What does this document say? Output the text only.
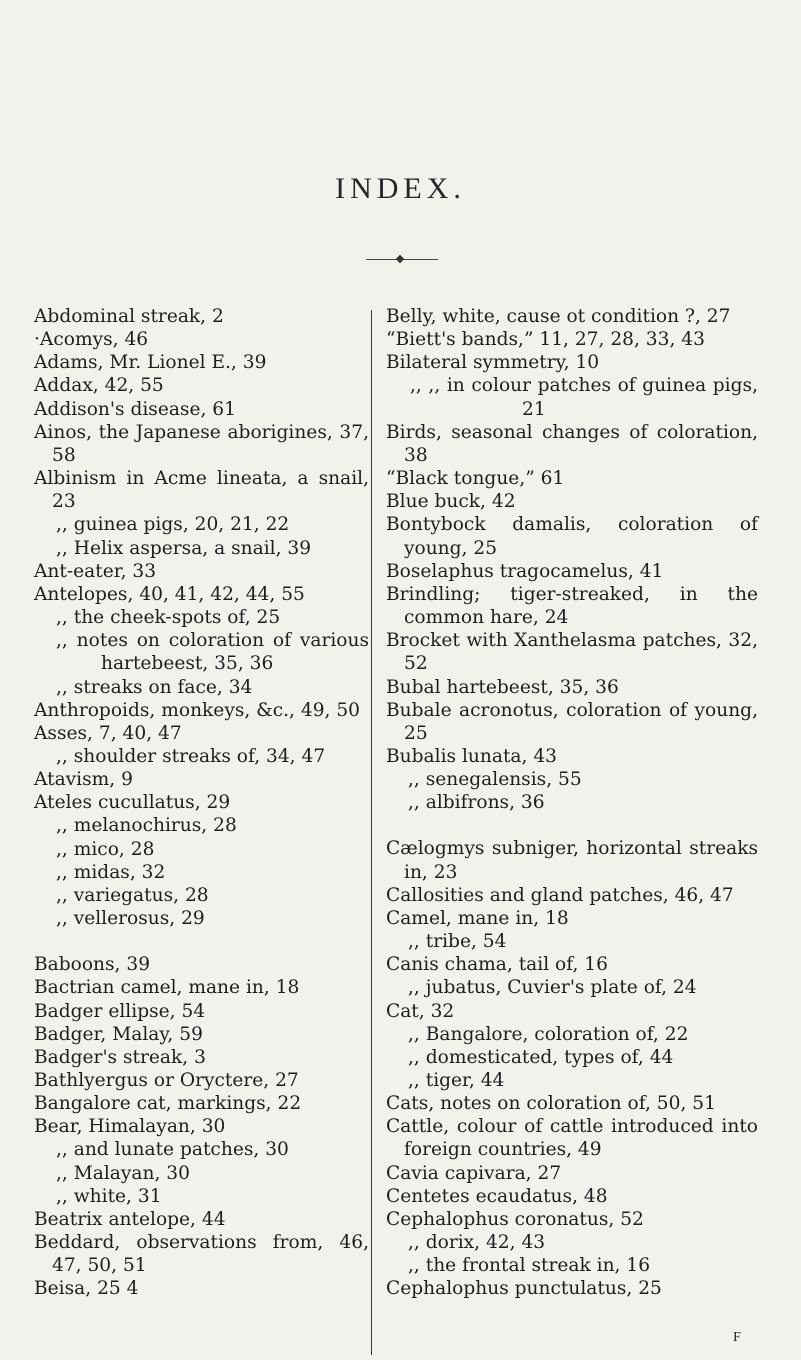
INDEX.
Abdominal streak, 2
·Acomys, 46
Adams, Mr. Lionel E., 39
Addax, 42, 55
Addison's disease, 61
Ainos, the Japanese aborigines, 37, 58
Albinism in Acme lineata, a snail, 23
,, guinea pigs, 20, 21, 22
,, Helix aspersa, a snail, 39
Ant-eater, 33
Antelopes, 40, 41, 42, 44, 55
,, the cheek-spots of, 25
,, notes on coloration of various hartebeest, 35, 36
,, streaks on face, 34
Anthropoids, monkeys, &c., 49, 50
Asses, 7, 40, 47
,, shoulder streaks of, 34, 47
Atavism, 9
Ateles cucullatus, 29
,, melanochirus, 28
,, mico, 28
,, midas, 32
,, variegatus, 28
,, vellerosus, 29
Baboons, 39
Bactrian camel, mane in, 18
Badger ellipse, 54
Badger, Malay, 59
Badger's streak, 3
Bathlyergus or Oryctere, 27
Bangalore cat, markings, 22
Bear, Himalayan, 30
,, and lunate patches, 30
,, Malayan, 30
,, white, 31
Beatrix antelope, 44
Beddard, observations from, 46, 47, 50, 51
Beisa, 25 4
Belly, white, cause ot condition ?, 27
“Biett's bands,” 11, 27, 28, 33, 43
Bilateral symmetry, 10
,, ,, in colour patches of guinea pigs, 21
Birds, seasonal changes of coloration, 38
“Black tongue,” 61
Blue buck, 42
Bontybock damalis, coloration of young, 25
Boselaphus tragocamelus, 41
Brindling; tiger-streaked, in the common hare, 24
Brocket with Xanthelasma patches, 32, 52
Bubal hartebeest, 35, 36
Bubale acronotus, coloration of young, 25
Bubalis lunata, 43
,, senegalensis, 55
,, albifrons, 36
Cælogmys subniger, horizontal streaks in, 23
Callosities and gland patches, 46, 47
Camel, mane in, 18
,, tribe, 54
Canis chama, tail of, 16
,, jubatus, Cuvier's plate of, 24
Cat, 32
,, Bangalore, coloration of, 22
,, domesticated, types of, 44
,, tiger, 44
Cats, notes on coloration of, 50, 51
Cattle, colour of cattle introduced into foreign countries, 49
Cavia capivara, 27
Centetes ecaudatus, 48
Cephalophus coronatus, 52
,, dorix, 42, 43
,, the frontal streak in, 16
Cephalophus punctulatus, 25
F
